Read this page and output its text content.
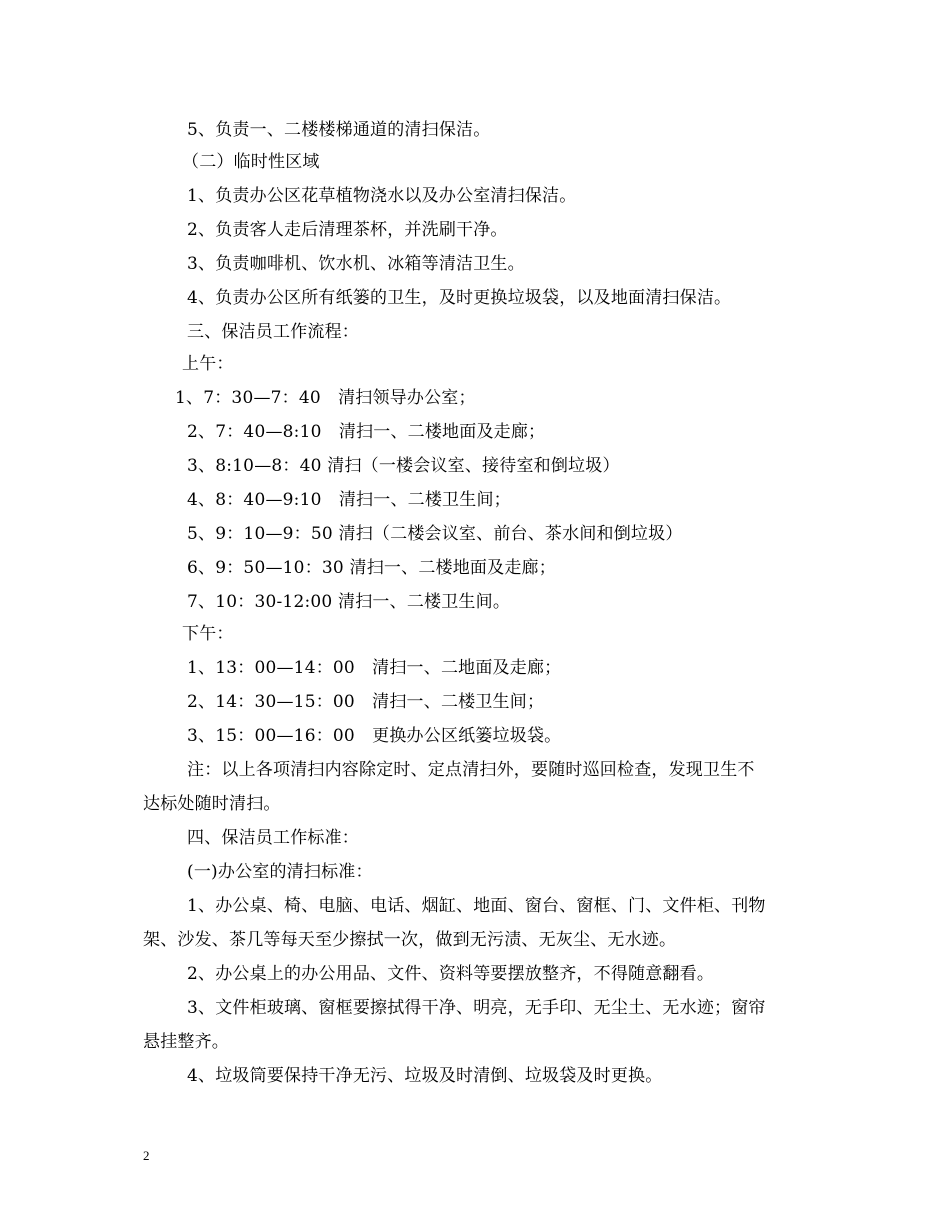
5、负责一、二楼楼梯通道的清扫保洁。
（二）临时性区域
1、负责办公区花草植物浇水以及办公室清扫保洁。
2、负责客人走后清理茶杯，并洗刷干净。
3、负责咖啡机、饮水机、冰箱等清洁卫生。
4、负责办公区所有纸篓的卫生，及时更换垃圾袋，以及地面清扫保洁。
三、保洁员工作流程：
上午：
1、7：30—7：40　清扫领导办公室；
2、7：40—8:10　清扫一、二楼地面及走廊；
3、8:10—8：40 清扫（一楼会议室、接待室和倒垃圾）
4、8：40—9:10　清扫一、二楼卫生间；
5、9：10—9：50 清扫（二楼会议室、前台、茶水间和倒垃圾）
6、9：50—10：30 清扫一、二楼地面及走廊；
7、10：30-12:00 清扫一、二楼卫生间。
下午：
1、13：00—14：00　清扫一、二地面及走廊；
2、14：30—15：00　清扫一、二楼卫生间；
3、15：00—16：00　更换办公区纸篓垃圾袋。
注：以上各项清扫内容除定时、定点清扫外，要随时巡回检查，发现卫生不
达标处随时清扫。
四、保洁员工作标准：
(一)办公室的清扫标准：
1、办公桌、椅、电脑、电话、烟缸、地面、窗台、窗框、门、文件柜、刊物
架、沙发、茶几等每天至少擦拭一次，做到无污渍、无灰尘、无水迹。
2、办公桌上的办公用品、文件、资料等要摆放整齐，不得随意翻看。
3、文件柜玻璃、窗框要擦拭得干净、明亮，无手印、无尘土、无水迹；窗帘
悬挂整齐。
4、垃圾筒要保持干净无污、垃圾及时清倒、垃圾袋及时更换。
2
